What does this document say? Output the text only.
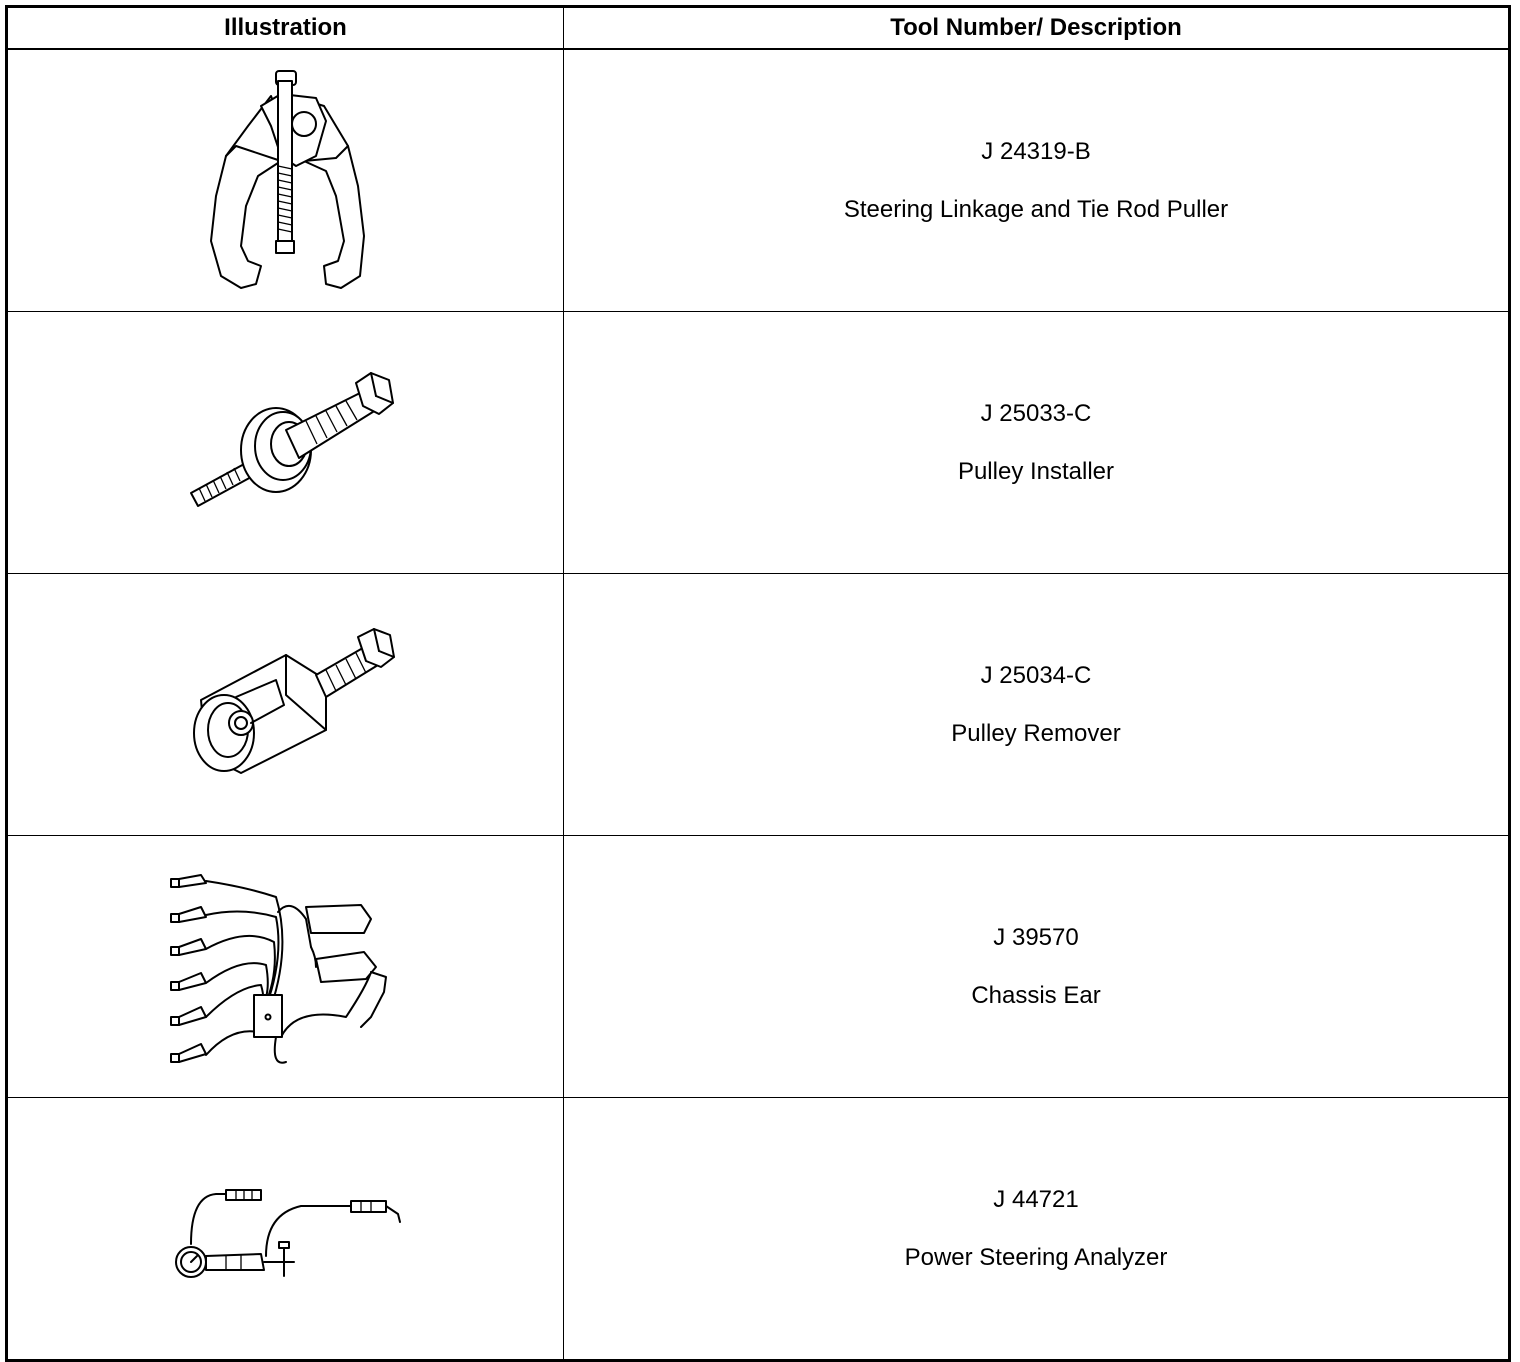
Illustration	Tool Number/ Description

J 24319-B
Steering Linkage and Tie Rod Puller

J 25033-C
Pulley Installer

J 25034-C
Pulley Remover

J 39570
Chassis Ear

J 44721
Power Steering Analyzer
